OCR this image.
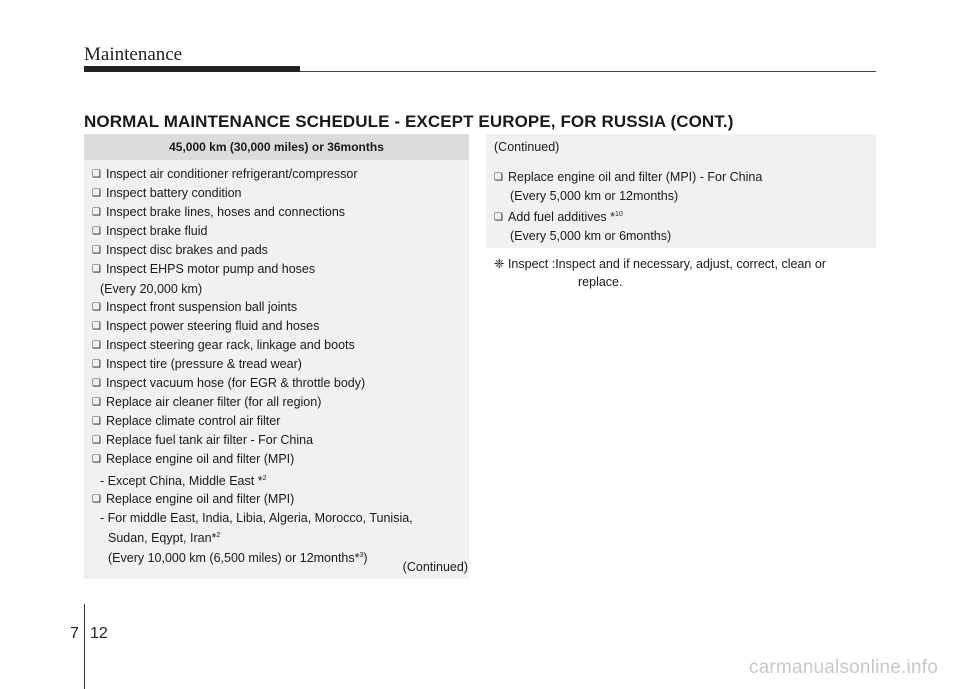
Maintenance
NORMAL MAINTENANCE SCHEDULE - EXCEPT EUROPE, FOR RUSSIA (CONT.)
45,000 km (30,000 miles) or 36months
❑ Inspect air conditioner refrigerant/compressor
❑ Inspect battery condition
❑ Inspect brake lines, hoses and connections
❑ Inspect brake fluid
❑ Inspect disc brakes and pads
❑ Inspect EHPS motor pump and hoses
(Every 20,000 km)
❑ Inspect front suspension ball joints
❑ Inspect power steering fluid and hoses
❑ Inspect steering gear rack, linkage and boots
❑ Inspect tire (pressure & tread wear)
❑ Inspect vacuum hose (for EGR & throttle body)
❑ Replace air cleaner filter (for all region)
❑ Replace climate control air filter
❑ Replace fuel tank air filter - For China
❑ Replace engine oil and filter (MPI)
- Except China, Middle East *$^2$
❑ Replace engine oil and filter (MPI)
- For middle East, India, Libia, Algeria, Morocco, Tunisia,
Sudan, Eqypt, Iran*$^2$
(Every 10,000 km (6,500 miles) or 12months*$^3$)
(Continued)
(Continued)
❑ Replace engine oil and filter (MPI) - For China
(Every 5,000 km or 12months)
❑ Add fuel additives *$^{10}$
(Every 5,000 km or 6months)
❈ Inspect : Inspect and if necessary, adjust, correct, clean or
replace.
7 12
carmanualsonline.info
